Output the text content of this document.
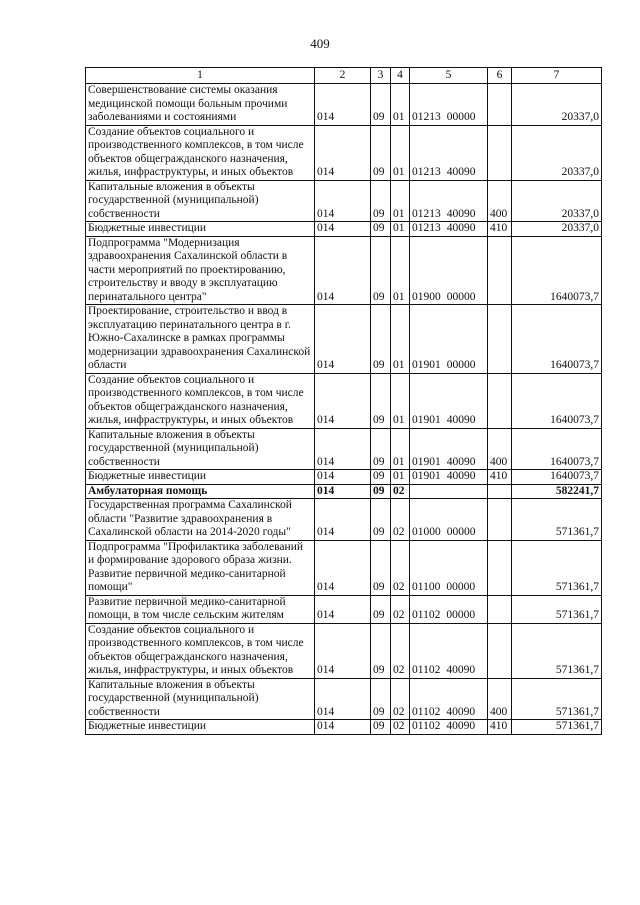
409
1	2	3	4	5	6	7
Совершенствование системы оказания медицинской помощи больным прочими заболеваниями и состояниями	014	09	01	01213 00000		20337,0
Создание объектов социального и производственного комплексов, в том числе объектов общегражданского назначения, жилья, инфраструктуры, и иных объектов	014	09	01	01213 40090		20337,0
Капитальные вложения в объекты государственной (муниципальной) собственности	014	09	01	01213 40090	400	20337,0
Бюджетные инвестиции	014	09	01	01213 40090	410	20337,0
Подпрограмма "Модернизация здравоохранения Сахалинской области в части мероприятий по проектированию, строительству и вводу в эксплуатацию перинатального центра"	014	09	01	01900 00000		1640073,7
Проектирование, строительство и ввод в эксплуатацию перинатального центра в г. Южно-Сахалинске в рамках программы модернизации здравоохранения Сахалинской области	014	09	01	01901 00000		1640073,7
Создание объектов социального и производственного комплексов, в том числе объектов общегражданского назначения, жилья, инфраструктуры, и иных объектов	014	09	01	01901 40090		1640073,7
Капитальные вложения в объекты государственной (муниципальной) собственности	014	09	01	01901 40090	400	1640073,7
Бюджетные инвестиции	014	09	01	01901 40090	410	1640073,7
Амбулаторная помощь	014	09	02			582241,7
Государственная программа Сахалинской области "Развитие здравоохранения в Сахалинской области на 2014-2020 годы"	014	09	02	01000 00000		571361,7
Подпрограмма "Профилактика заболеваний и формирование здорового образа жизни. Развитие первичной медико-санитарной помощи"	014	09	02	01100 00000		571361,7
Развитие первичной медико-санитарной помощи, в том числе сельским жителям	014	09	02	01102 00000		571361,7
Создание объектов социального и производственного комплексов, в том числе объектов общегражданского назначения, жилья, инфраструктуры, и иных объектов	014	09	02	01102 40090		571361,7
Капитальные вложения в объекты государственной (муниципальной) собственности	014	09	02	01102 40090	400	571361,7
Бюджетные инвестиции	014	09	02	01102 40090	410	571361,7
